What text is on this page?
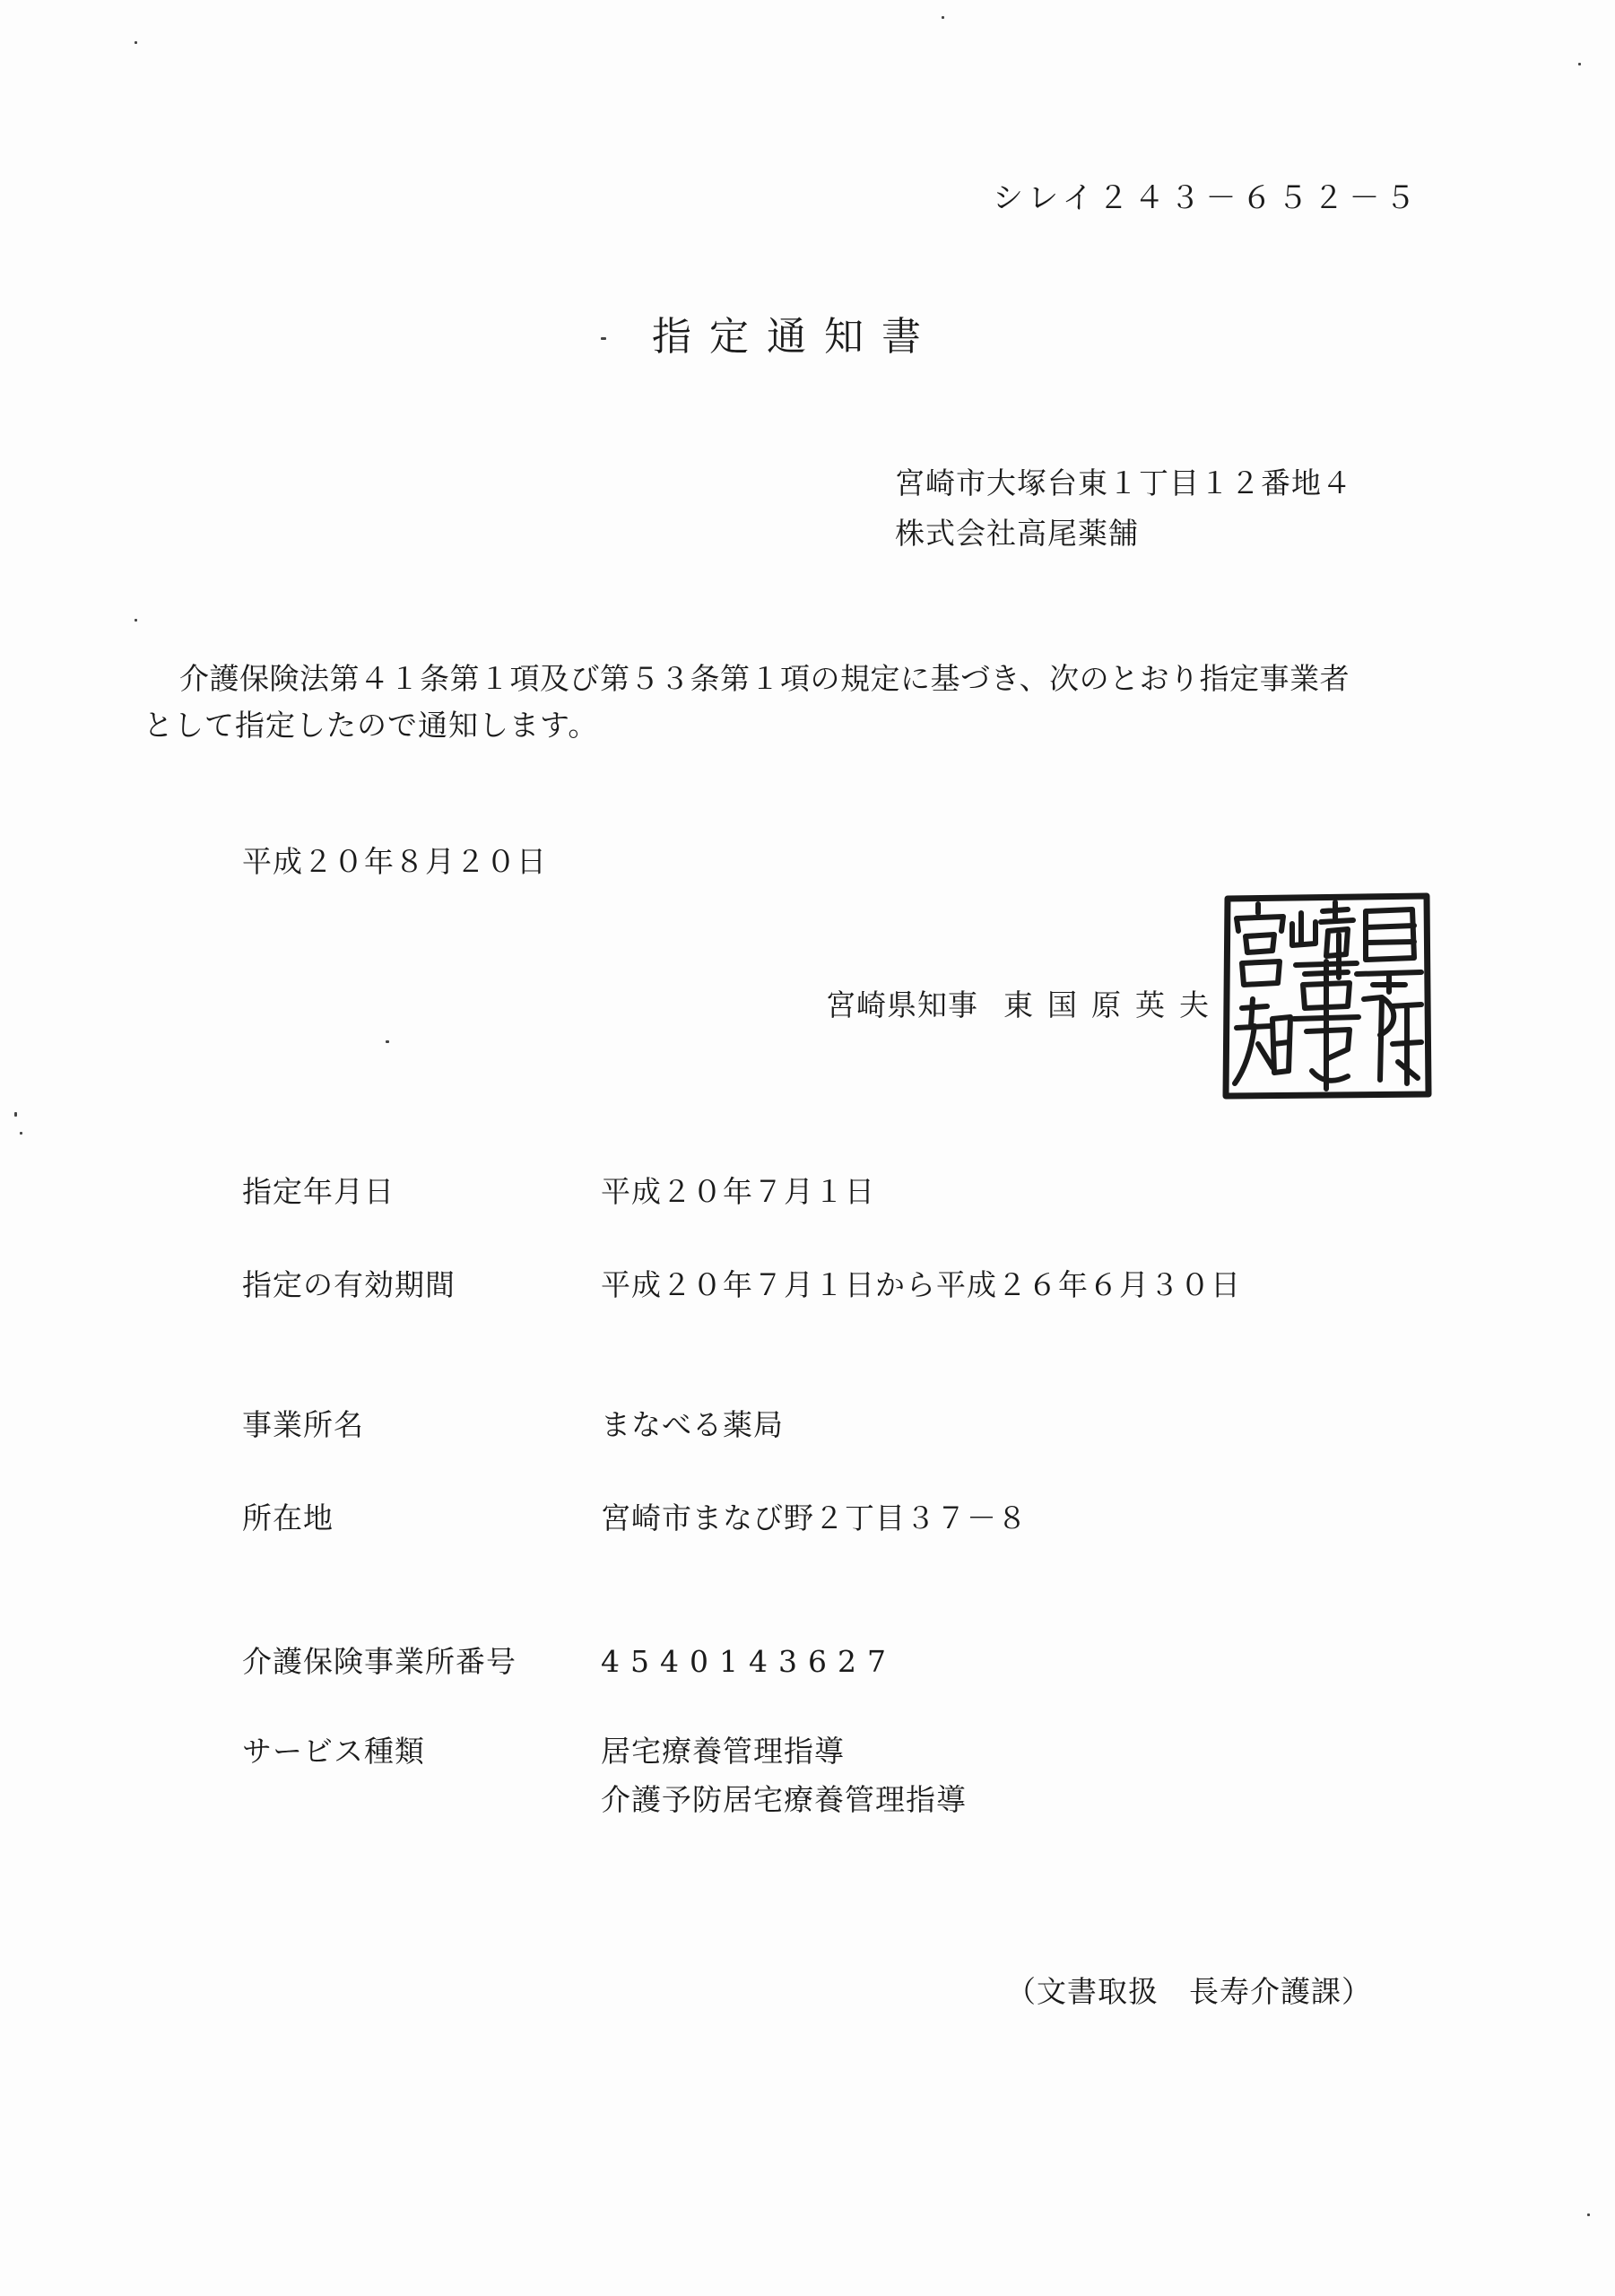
シレイ２４３－６５２－５
指定通知書
宮崎市大塚台東１丁目１２番地４
株式会社高尾薬舗
介護保険法第４１条第１項及び第５３条第１項の規定に基づき、次のとおり指定事業者
として指定したので通知します。
平成２０年８月２０日
宮崎県知事 東国原英夫
指定年月日	平成２０年７月１日
指定の有効期間	平成２０年７月１日から平成２６年６月３０日
事業所名	まなべる薬局
所在地	宮崎市まなび野２丁目３７－８
介護保険事業所番号	4540143627
サービス種類	居宅療養管理指導
介護予防居宅療養管理指導
（文書取扱　長寿介護課）
